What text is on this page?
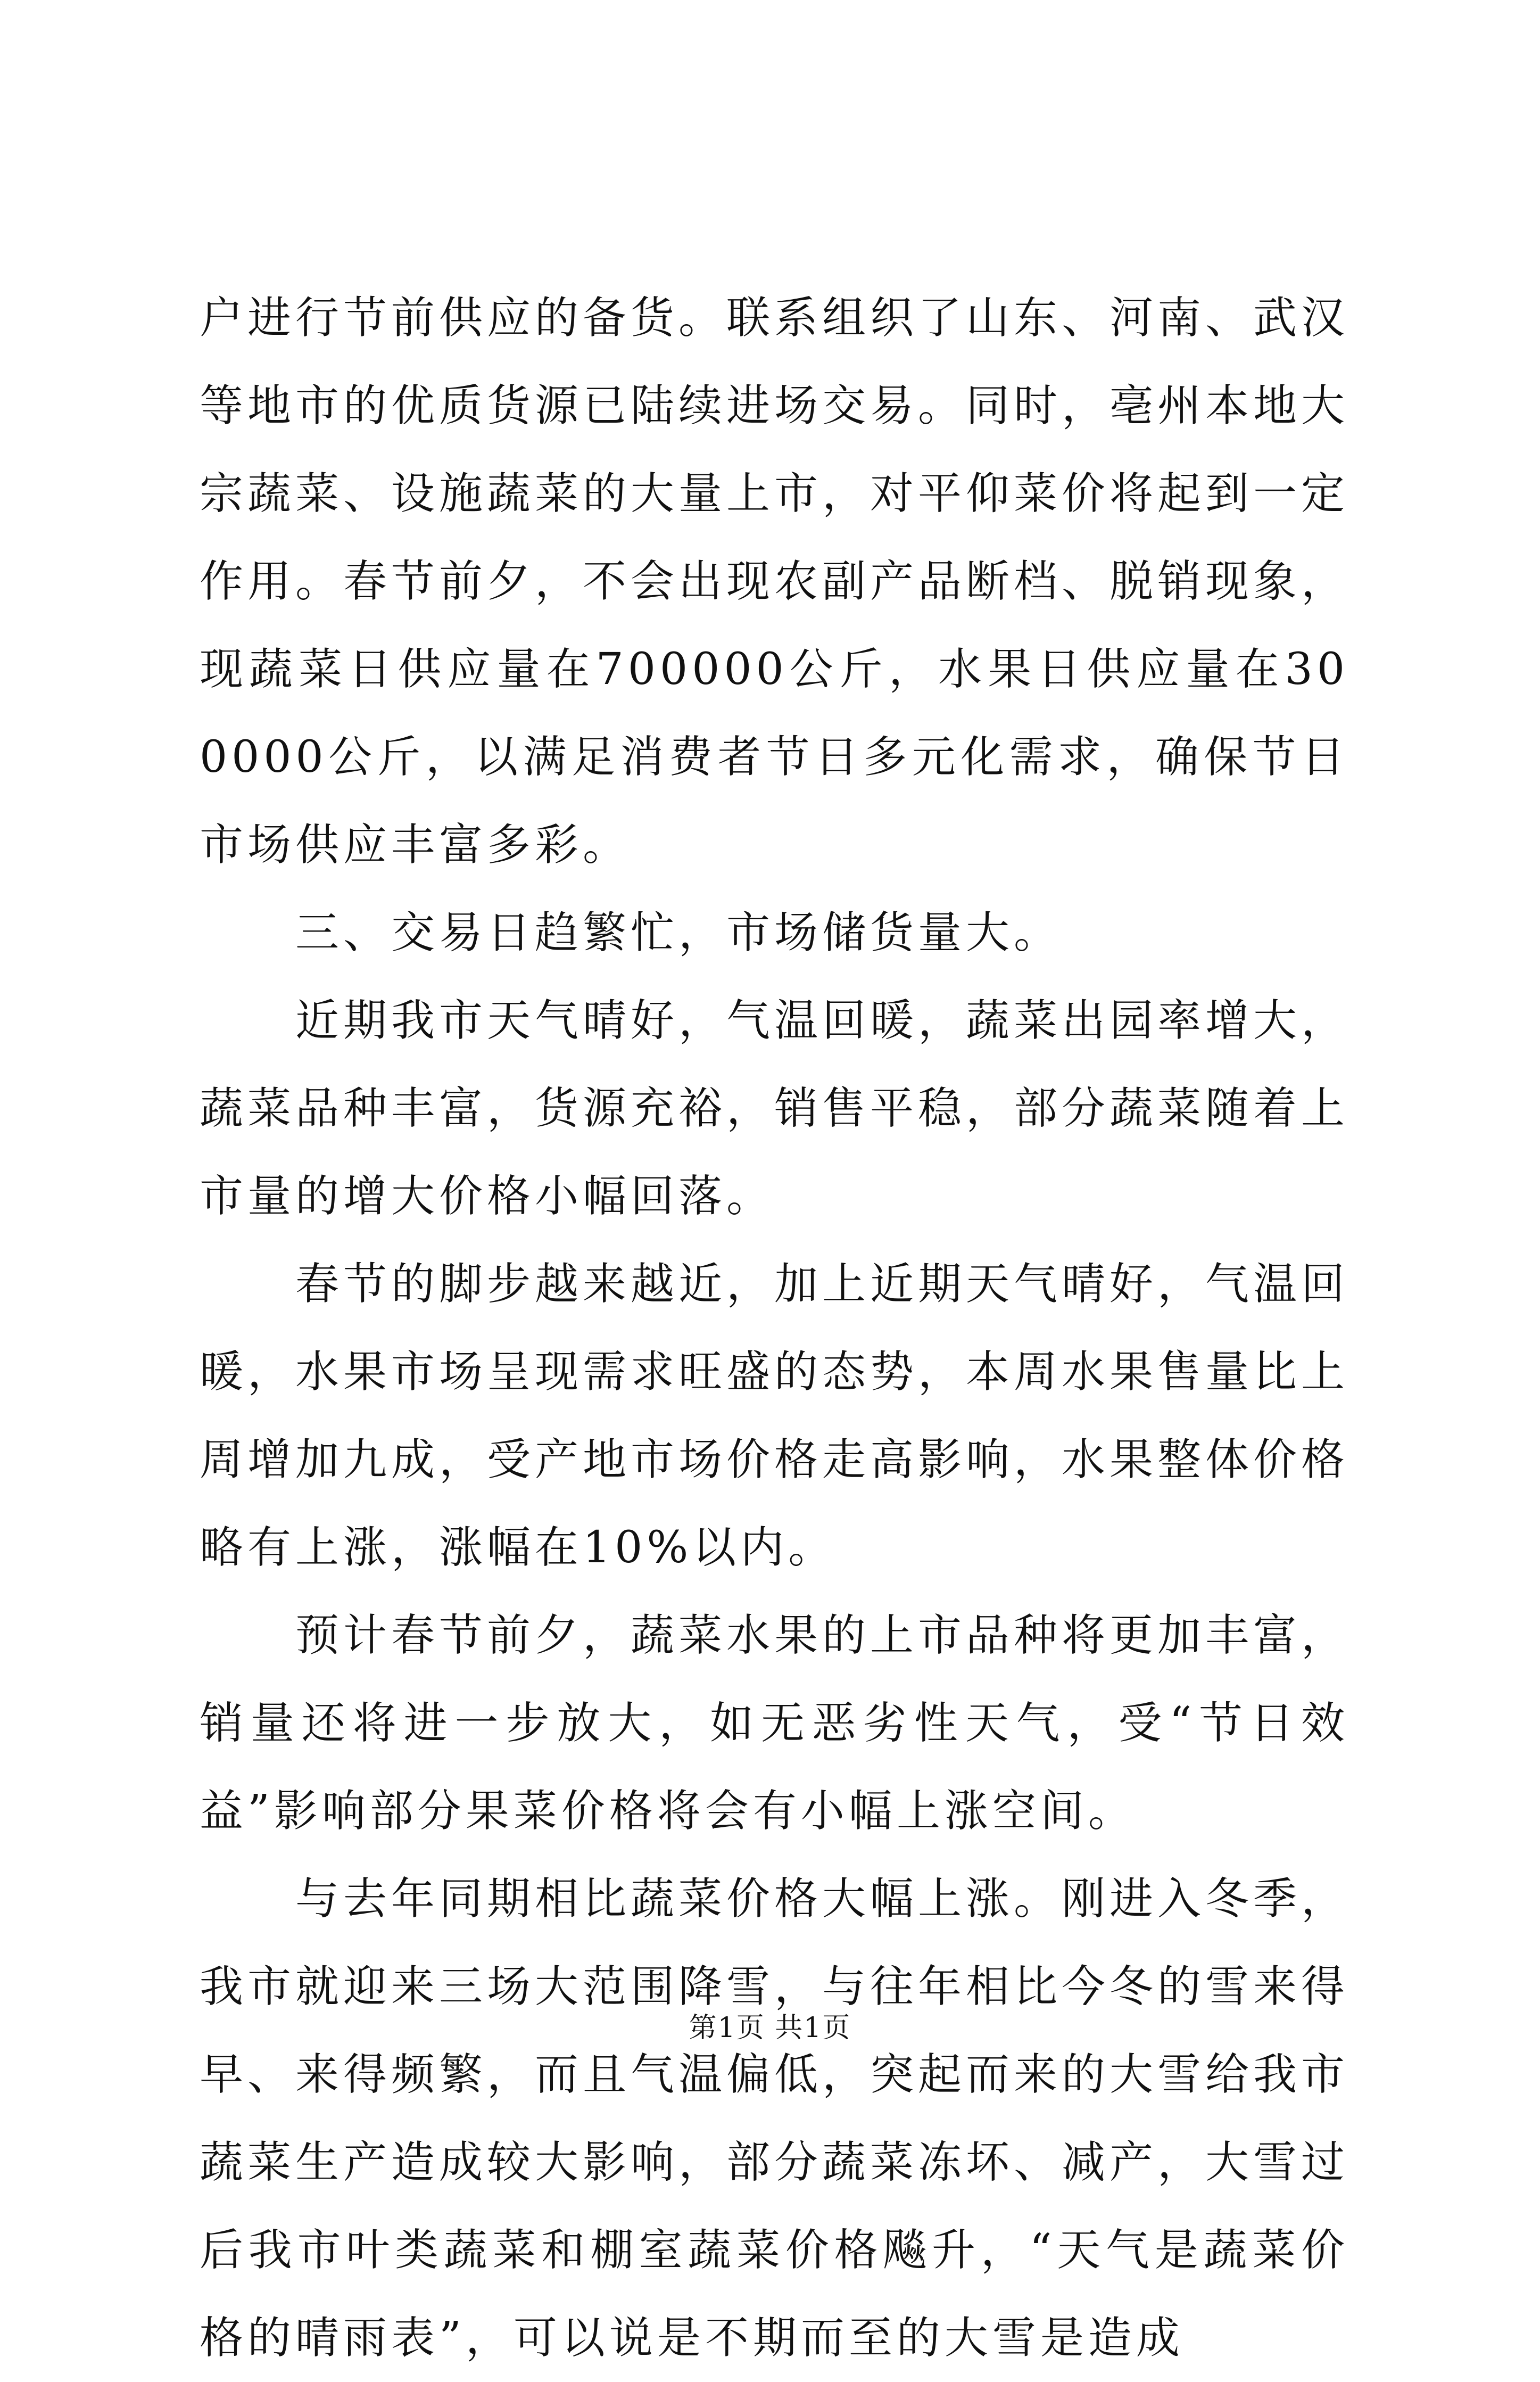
户进行节前供应的备货。联系组织了山东、河南、武汉等地市的优质货源已陆续进场交易。同时，亳州本地大宗蔬菜、设施蔬菜的大量上市，对平仰菜价将起到一定作用。春节前夕，不会出现农副产品断档、脱销现象，现蔬菜日供应量在700000公斤，水果日供应量在300000公斤，以满足消费者节日多元化需求，确保节日市场供应丰富多彩。

三、交易日趋繁忙，市场储货量大。

近期我市天气晴好，气温回暖，蔬菜出园率增大，蔬菜品种丰富，货源充裕，销售平稳，部分蔬菜随着上市量的增大价格小幅回落。

春节的脚步越来越近，加上近期天气晴好，气温回暖，水果市场呈现需求旺盛的态势，本周水果售量比上周增加九成，受产地市场价格走高影响，水果整体价格略有上涨，涨幅在10%以内。

预计春节前夕，蔬菜水果的上市品种将更加丰富，销量还将进一步放大，如无恶劣性天气，受“节日效益”影响部分果菜价格将会有小幅上涨空间。

与去年同期相比蔬菜价格大幅上涨。刚进入冬季，我市就迎来三场大范围降雪，与往年相比今冬的雪来得早、来得频繁，而且气温偏低，突起而来的大雪给我市蔬菜生产造成较大影响，部分蔬菜冻坏、减产，大雪过后我市叶类蔬菜和棚室蔬菜价格飚升，“天气是蔬菜价格的晴雨表”，可以说是不期而至的大雪是造成

第1页 共1页
